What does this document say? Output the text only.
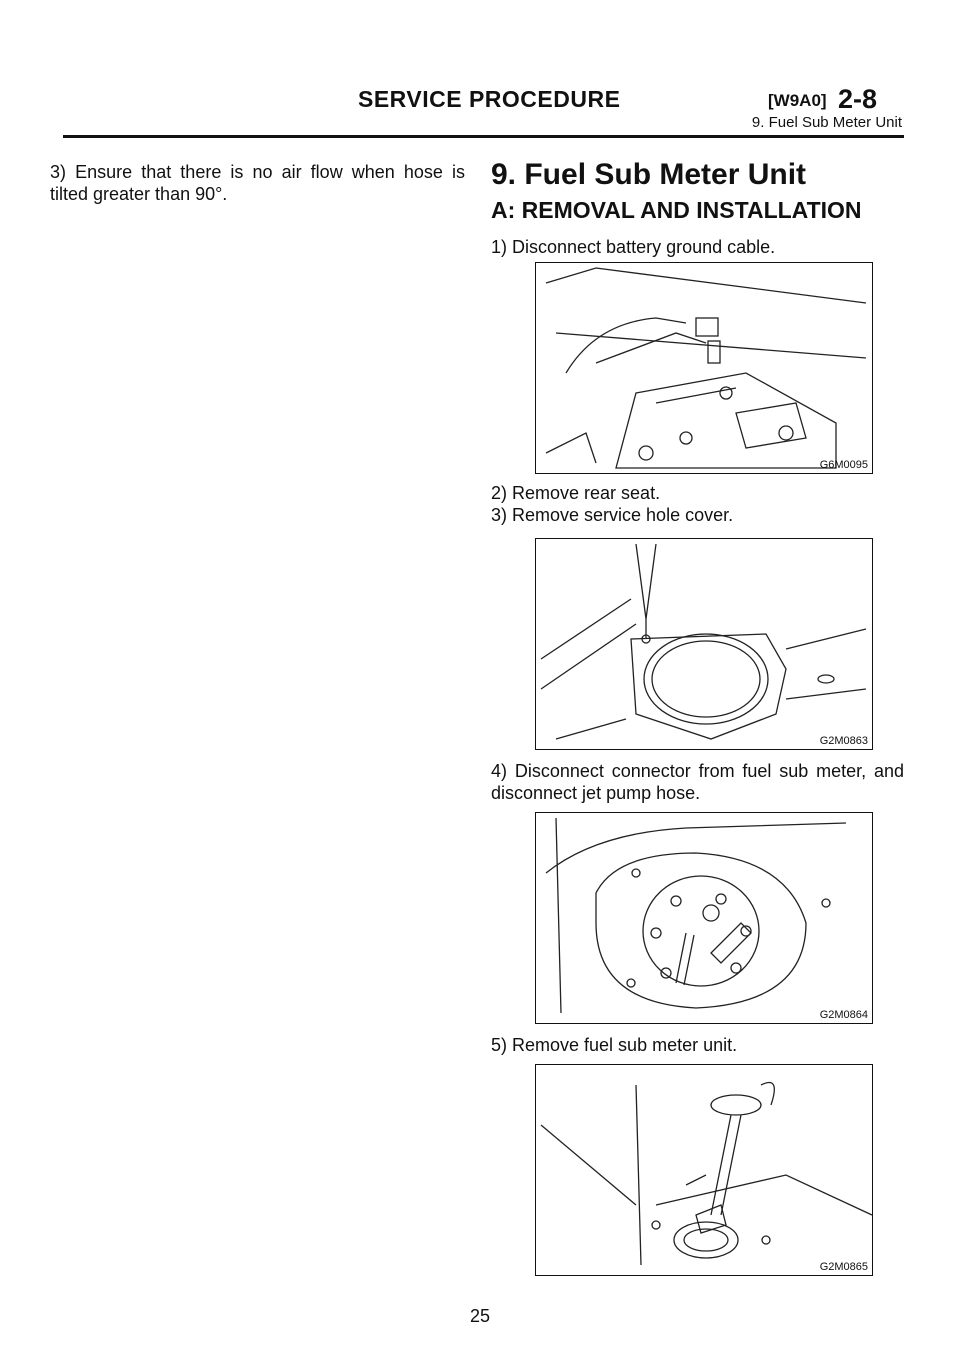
SERVICE PROCEDURE	[W9A0] 2-8
9. Fuel Sub Meter Unit
3) Ensure that there is no air flow when hose is tilted greater than 90°.
9. Fuel Sub Meter Unit
A: REMOVAL AND INSTALLATION
1) Disconnect battery ground cable.
G6M0095
2) Remove rear seat.
3) Remove service hole cover.
G2M0863
4) Disconnect connector from fuel sub meter, and disconnect jet pump hose.
G2M0864
5) Remove fuel sub meter unit.
G2M0865
25
